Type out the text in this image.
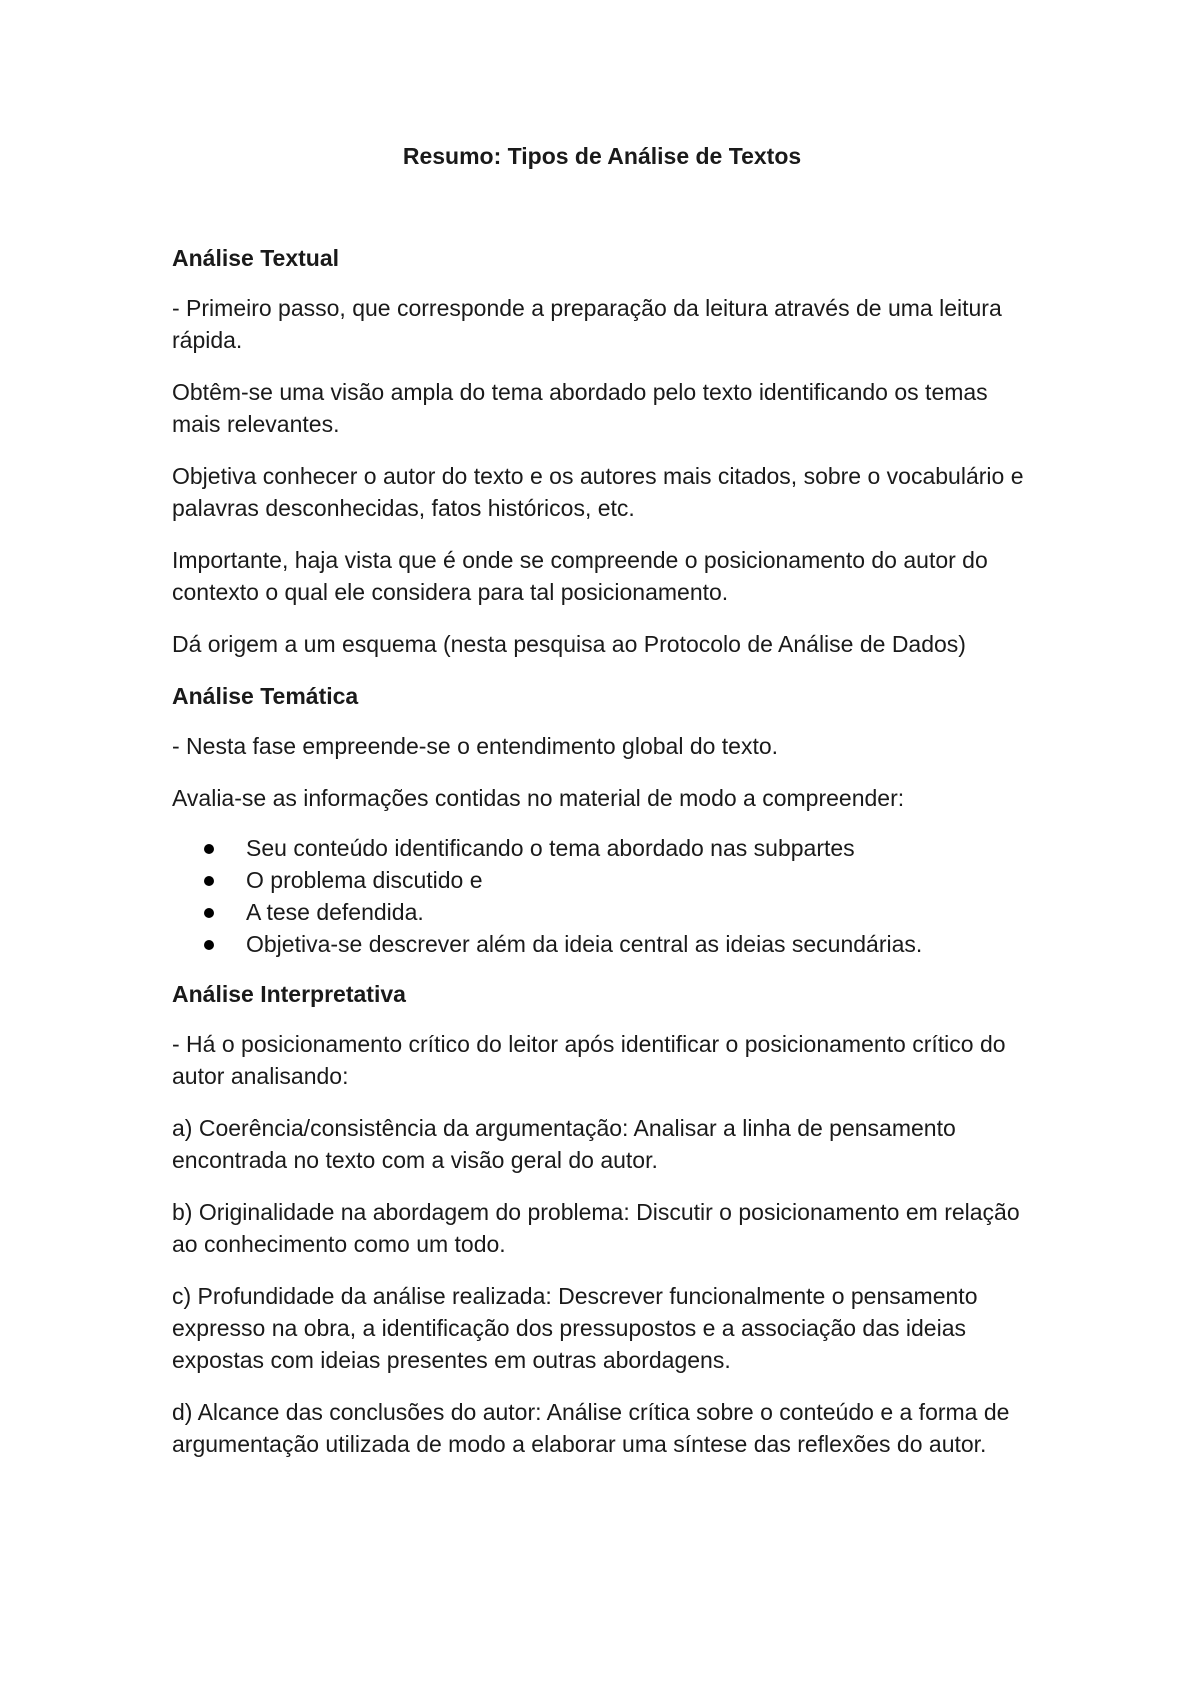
Resumo: Tipos de Análise de Textos
Análise Textual

- Primeiro passo, que corresponde a preparação da leitura através de uma leitura rápida.

Obtêm-se uma visão ampla do tema abordado pelo texto identificando os temas mais relevantes.

Objetiva conhecer o autor do texto e os autores mais citados, sobre o vocabulário e palavras desconhecidas, fatos históricos, etc.

Importante, haja vista que é onde se compreende o posicionamento do autor do contexto o qual ele considera para tal posicionamento.

Dá origem a um esquema (nesta pesquisa ao Protocolo de Análise de Dados)

Análise Temática

- Nesta fase empreende-se o entendimento global do texto.

Avalia-se as informações contidas no material de modo a compreender:

Seu conteúdo identificando o tema abordado nas subpartes
O problema discutido e
A tese defendida.
Objetiva-se descrever além da ideia central as ideias secundárias.
Análise Interpretativa

- Há o posicionamento crítico do leitor após identificar o posicionamento crítico do autor analisando:

a) Coerência/consistência da argumentação: Analisar a linha de pensamento encontrada no texto com a visão geral do autor.

b) Originalidade na abordagem do problema: Discutir o posicionamento em relação ao conhecimento como um todo.

c) Profundidade da análise realizada: Descrever funcionalmente o pensamento expresso na obra, a identificação dos pressupostos e a associação das ideias expostas com ideias presentes em outras abordagens.

d) Alcance das conclusões do autor: Análise crítica sobre o conteúdo e a forma de argumentação utilizada de modo a elaborar uma síntese das reflexões do autor.
